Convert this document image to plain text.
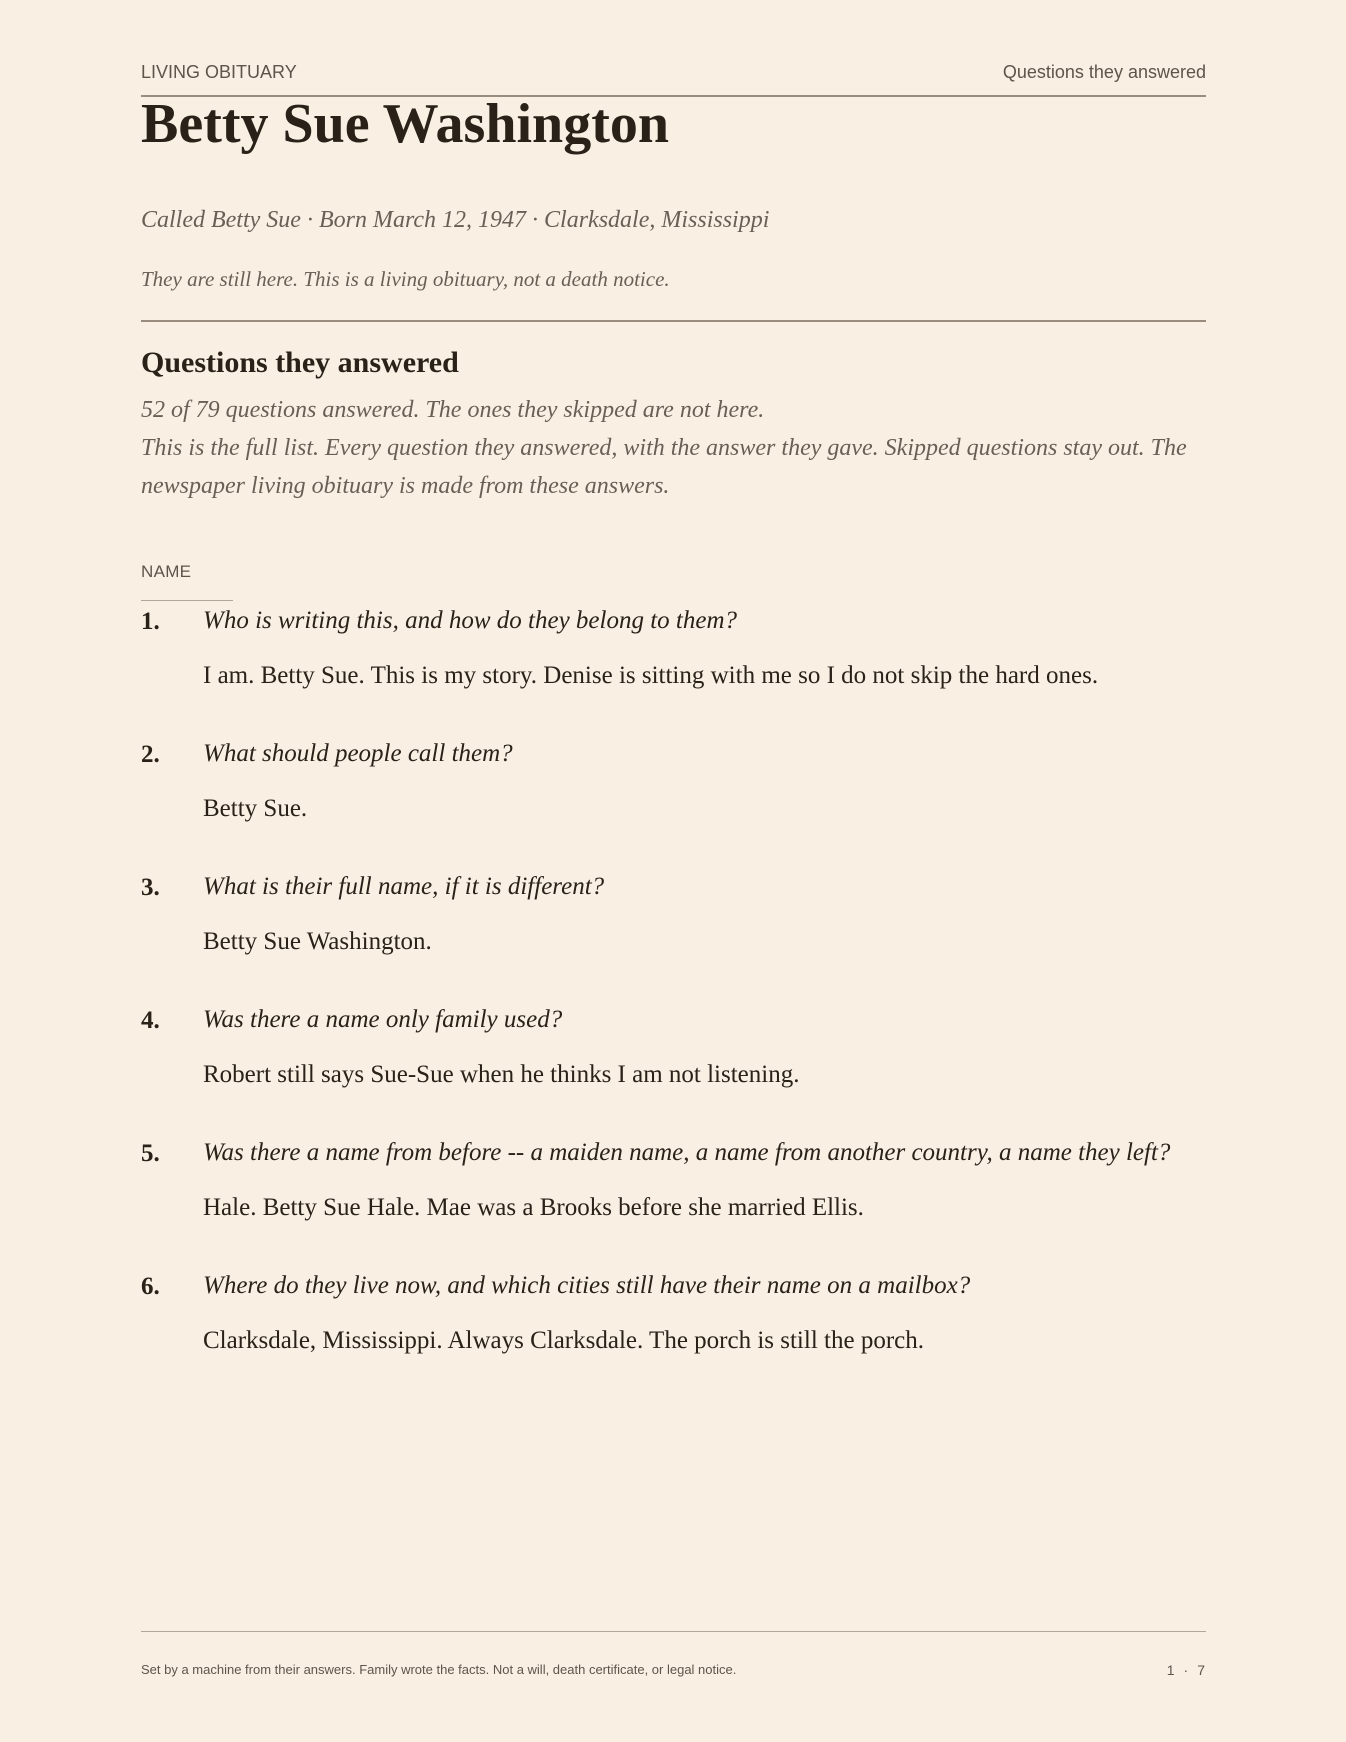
LIVING OBITUARY	Questions they answered
Betty Sue Washington
Called Betty Sue · Born March 12, 1947 · Clarksdale, Mississippi
They are still here. This is a living obituary, not a death notice.
Questions they answered

52 of 79 questions answered. The ones they skipped are not here.

This is the full list. Every question they answered, with the answer they gave. Skipped questions stay out. The newspaper living obituary is made from these answers.

NAME
1. Who is writing this, and how do they belong to them?
I am. Betty Sue. This is my story. Denise is sitting with me so I do not skip the hard ones.
2. What should people call them?
Betty Sue.
3. What is their full name, if it is different?
Betty Sue Washington.
4. Was there a name only family used?
Robert still says Sue-Sue when he thinks I am not listening.
5. Was there a name from before -- a maiden name, a name from another country, a name they left?
Hale. Betty Sue Hale. Mae was a Brooks before she married Ellis.
6. Where do they live now, and which cities still have their name on a mailbox?
Clarksdale, Mississippi. Always Clarksdale. The porch is still the porch.
Set by a machine from their answers. Family wrote the facts. Not a will, death certificate, or legal notice.	1 · 7
